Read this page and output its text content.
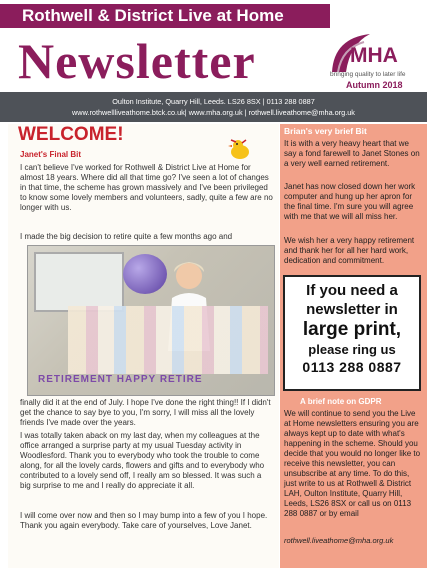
Rothwell & District Live at Home
Newsletter	MHA
bringing quality to later life
Autumn 2018
Oulton Institute, Quarry Hill, Leeds. LS26 8SX | 0113 288 0887
www.rothwellliveathome.btck.co.uk| www.mha.org.uk | rothwell.liveathome@mha.org.uk
WELCOME!
Janet's Final Bit
I can't believe I've worked for Rothwell & District Live at Home for almost 18 years. Where did all that time go? I've seen a lot of changes in that time, the scheme has grown massively and I've been privileged to know some lovely members and volunteers, sadly, quite a few are no longer with us.
I made the big decision to retire quite a few months ago and
RETIREMENT HAPPY RETIRE
finally did it at the end of July. I hope I've done the right thing!! If I didn't get the chance to say bye to you, I'm sorry, I will miss all the lovely friends I've made over the years.
I was totally taken aback on my last day, when my colleagues at the office arranged a surprise party at my usual Tuesday activity in Woodlesford. Thank you to everybody who took the trouble to come along, for all the lovely cards, flowers and gifts and to everybody who contributed to a lovely send off, I really am so blessed. It was such a big surprise to me and I really do appreciate it all.
I will come over now and then so I may bump into a few of you I hope. Thank you again everybody. Take care of yourselves, Love Janet.
Brian's very brief Bit
It is with a very heavy heart that we say a fond farewell to Janet Stones on a very well earned retirement.
Janet has now closed down her work computer and hung up her apron for the final time. I'm sure you will agree with me that we will all miss her.
We wish her a very happy retirement and thank her for all her hard work, dedication and commitment.
If you need a
newsletter in
large print,
please ring us
0113 288 0887
A brief note on GDPR
We will continue to send you the Live at Home newsletters ensuring you are always kept up to date with what's happening in the scheme. Should you decide that you would no longer like to receive this newsletter, you can unsubscribe at any time. To do this, just write to us at Rothwell & District LAH, Oulton Institute, Quarry Hill, Leeds, LS26 8SX or call us on 0113 288 0887 or by email
rothwell.liveathome@mha.org.uk
